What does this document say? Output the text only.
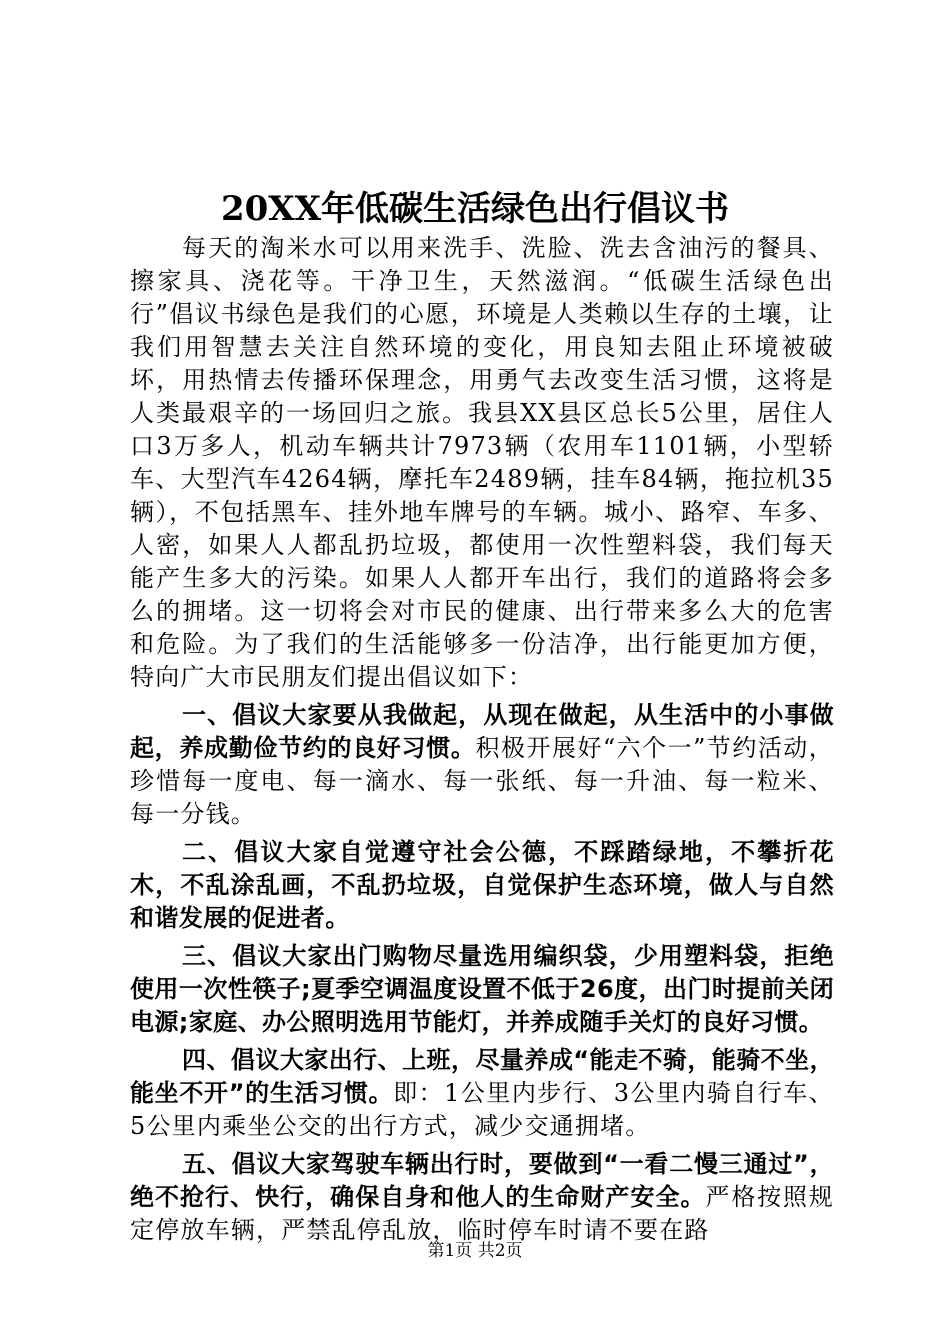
20XX年低碳生活绿色出行倡议书

每天的淘米水可以用来洗手、洗脸、洗去含油污的餐具、擦家具、浇花等。干净卫生，天然滋润。“低碳生活绿色出行”倡议书绿色是我们的心愿，环境是人类赖以生存的土壤，让我们用智慧去关注自然环境的变化，用良知去阻止环境被破坏，用热情去传播环保理念，用勇气去改变生活习惯，这将是人类最艰辛的一场回归之旅。我县XX县区总长5公里，居住人口3万多人，机动车辆共计7973辆（农用车1101辆，小型轿车、大型汽车4264辆，摩托车2489辆，挂车84辆，拖拉机35辆），不包括黑车、挂外地车牌号的车辆。城小、路窄、车多、人密，如果人人都乱扔垃圾，都使用一次性塑料袋，我们每天能产生多大的污染。如果人人都开车出行，我们的道路将会多么的拥堵。这一切将会对市民的健康、出行带来多么大的危害和危险。为了我们的生活能够多一份洁净，出行能更加方便，特向广大市民朋友们提出倡议如下：

一、倡议大家要从我做起，从现在做起，从生活中的小事做起，养成勤俭节约的良好习惯。积极开展好“六个一”节约活动，珍惜每一度电、每一滴水、每一张纸、每一升油、每一粒米、每一分钱。

二、倡议大家自觉遵守社会公德，不踩踏绿地，不攀折花木，不乱涂乱画，不乱扔垃圾，自觉保护生态环境，做人与自然和谐发展的促进者。

三、倡议大家出门购物尽量选用编织袋，少用塑料袋，拒绝使用一次性筷子;夏季空调温度设置不低于26度，出门时提前关闭电源;家庭、办公照明选用节能灯，并养成随手关灯的良好习惯。

四、倡议大家出行、上班，尽量养成“能走不骑，能骑不坐，能坐不开”的生活习惯。即：1公里内步行、3公里内骑自行车、5公里内乘坐公交的出行方式，减少交通拥堵。

五、倡议大家驾驶车辆出行时，要做到“一看二慢三通过”，绝不抢行、快行，确保自身和他人的生命财产安全。严格按照规定停放车辆，严禁乱停乱放，临时停车时请不要在路

第1页 共2页
